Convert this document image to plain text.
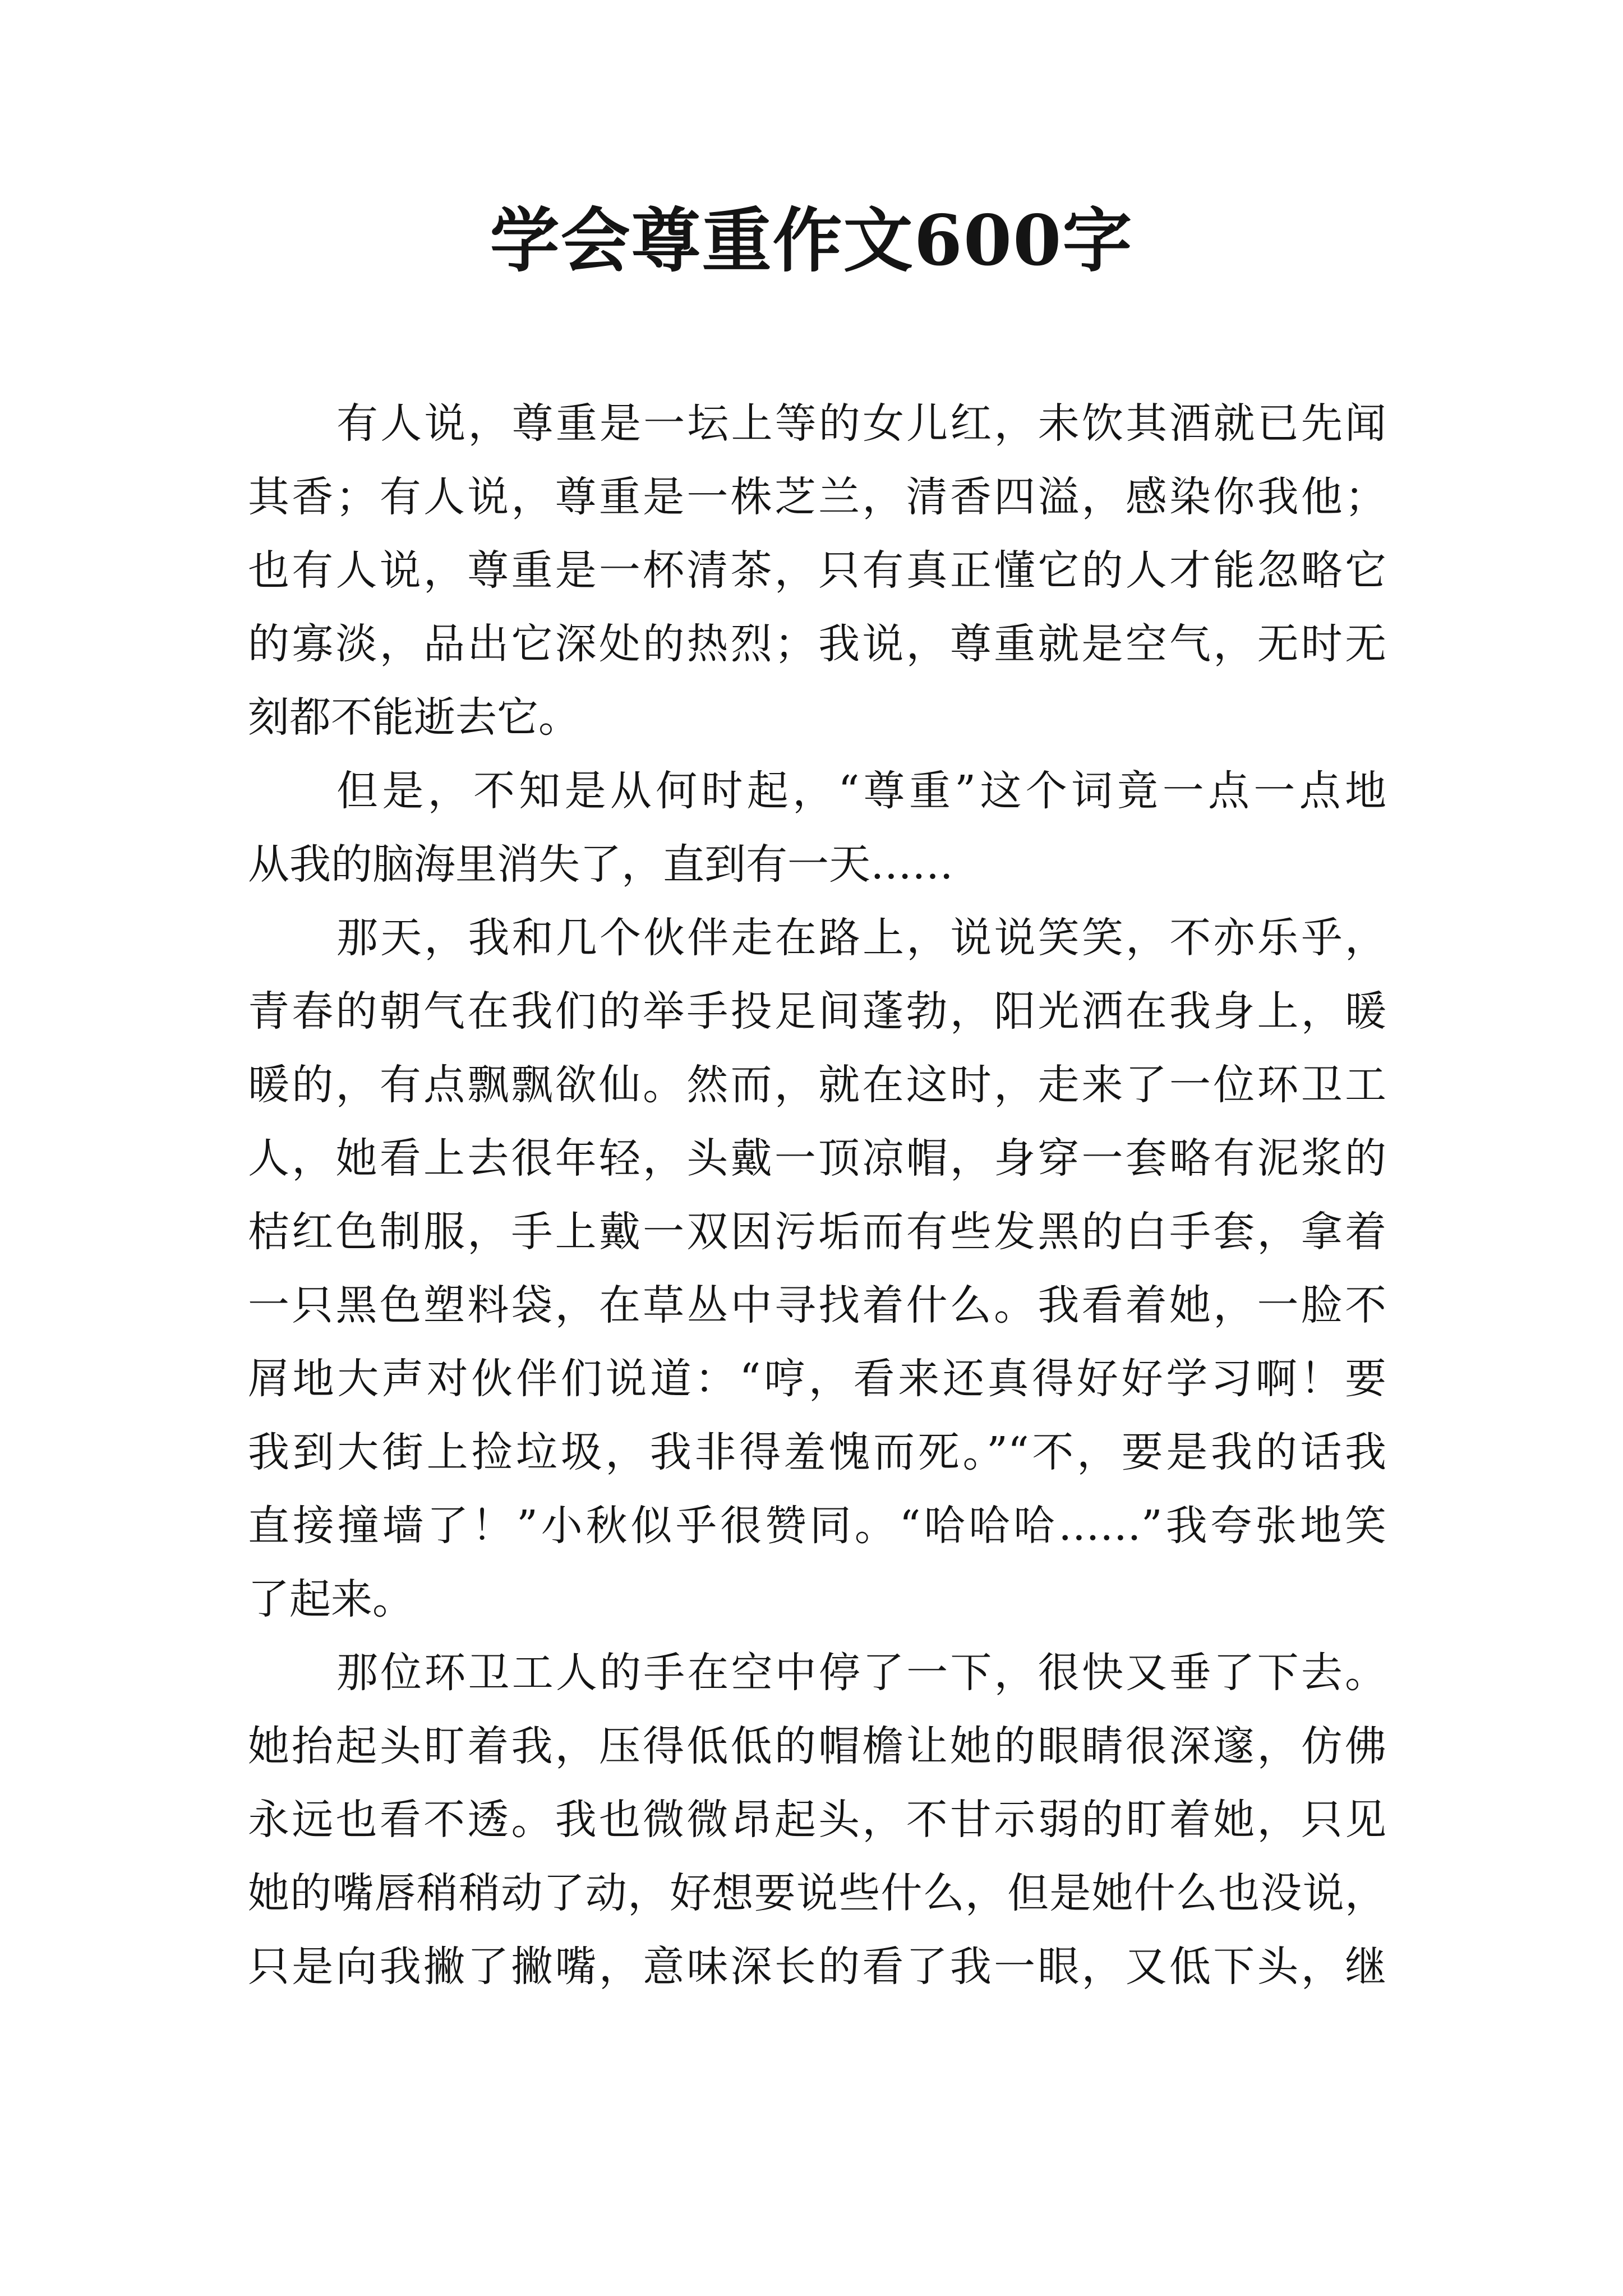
学会尊重作文600字
有人说，尊重是一坛上等的女儿红，未饮其酒就已先闻
其香；有人说，尊重是一株芝兰，清香四溢，感染你我他；
也有人说，尊重是一杯清茶，只有真正懂它的人才能忽略它
的寡淡，品出它深处的热烈；我说，尊重就是空气，无时无
刻都不能逝去它。
但是，不知是从何时起，“尊重”这个词竟一点一点地
从我的脑海里消失了，直到有一天……
那天，我和几个伙伴走在路上，说说笑笑，不亦乐乎，
青春的朝气在我们的举手投足间蓬勃，阳光洒在我身上，暖
暖的，有点飘飘欲仙。然而，就在这时，走来了一位环卫工
人，她看上去很年轻，头戴一顶凉帽，身穿一套略有泥浆的
桔红色制服，手上戴一双因污垢而有些发黑的白手套，拿着
一只黑色塑料袋，在草丛中寻找着什么。我看着她，一脸不
屑地大声对伙伴们说道：“哼，看来还真得好好学习啊！要
我到大街上捡垃圾，我非得羞愧而死。”“不，要是我的话我
直接撞墙了！”小秋似乎很赞同。“哈哈哈……”我夸张地笑
了起来。
那位环卫工人的手在空中停了一下，很快又垂了下去。
她抬起头盯着我，压得低低的帽檐让她的眼睛很深邃，仿佛
永远也看不透。我也微微昂起头，不甘示弱的盯着她，只见
她的嘴唇稍稍动了动，好想要说些什么，但是她什么也没说，
只是向我撇了撇嘴，意味深长的看了我一眼，又低下头，继
